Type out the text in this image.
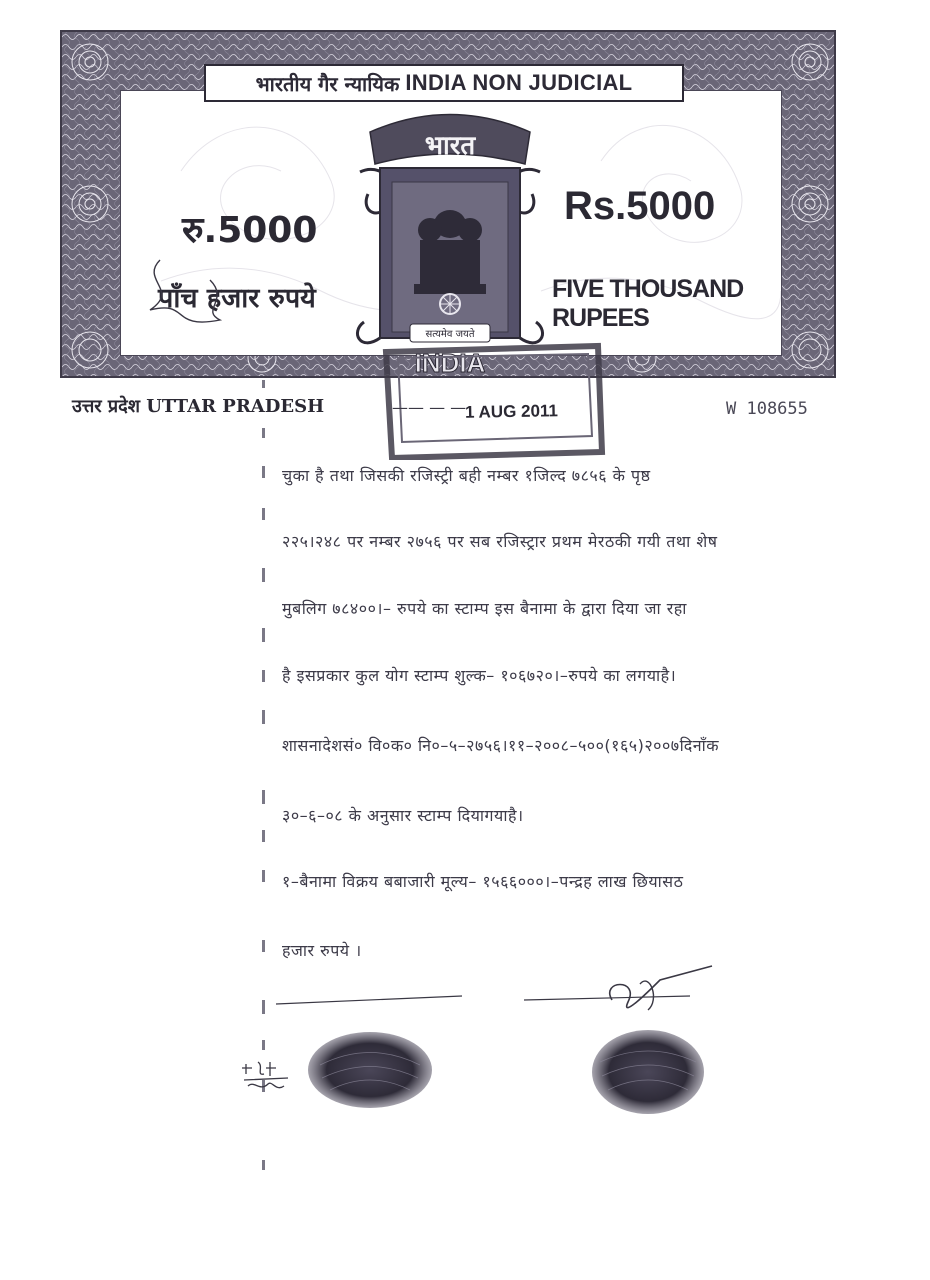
भारतीय गैर न्यायिक INDIA NON JUDICIAL
रु.5000
पाँच हजार रुपये
Rs.5000
FIVE THOUSAND RUPEES
भारत
सत्यमेव जयते
INDIA
उत्तर प्रदेश UTTAR PRADESH	W 108655
—— — —
1 AUG 2011
चुका है तथा जिसकी रजिस्ट्री बही नम्बर १जिल्द ७८५६ के पृष्ठ
२२५।२४८ पर नम्बर २७५६ पर सब रजिस्ट्रार प्रथम मेरठकी गयी तथा शेष
मुबलिग ७८४००।– रुपये का स्टाम्प इस बैनामा के द्वारा दिया जा रहा
है इसप्रकार कुल योग स्टाम्प शुल्क– १०६७२०।–रुपये का लगयाहै।
शासनादेशसं० वि०क० नि०–५–२७५६।११–२००८–५००(१६५)२००७दिनाँक
३०–६–०८ के अनुसार स्टाम्प दियागयाहै।
१–बैनामा विक्रय बबाजारी मूल्य– १५६६०००।–पन्द्रह लाख छियासठ
हजार रुपये ।
